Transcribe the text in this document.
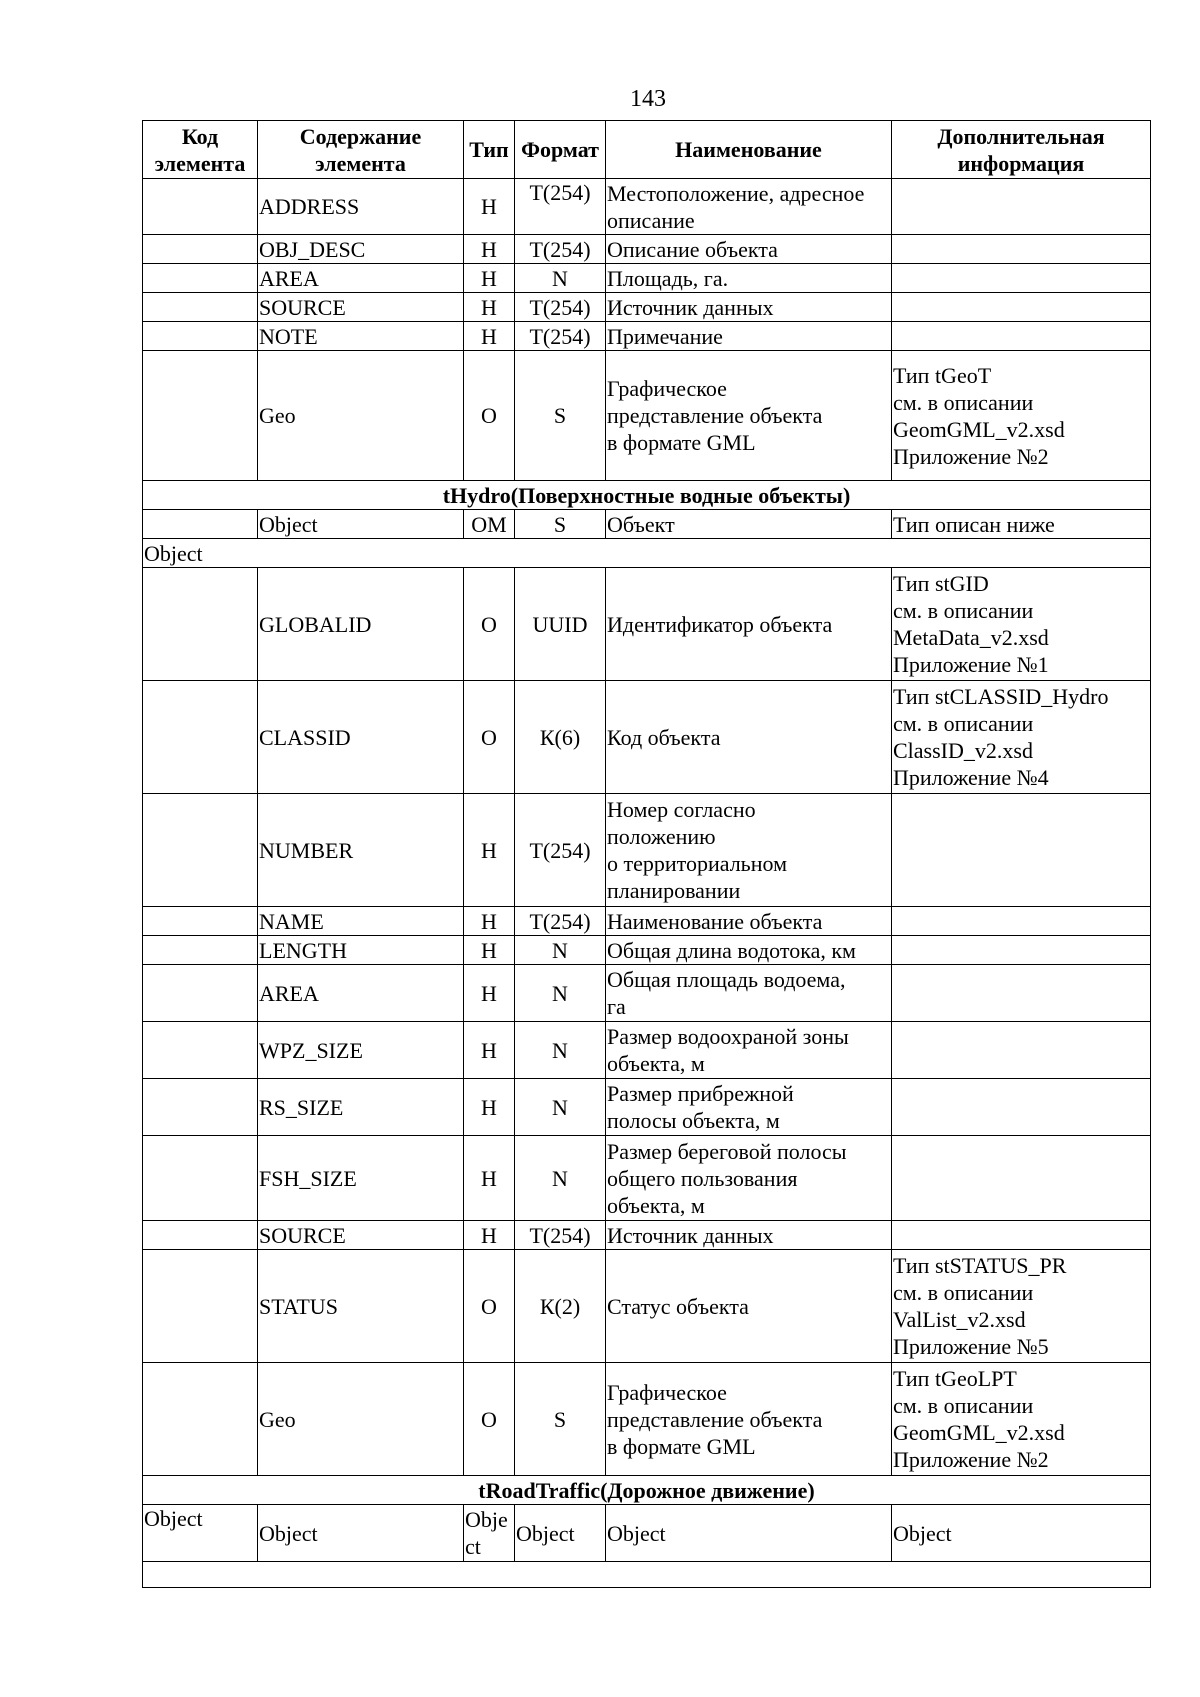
143
Код элемента	Содержание элемента	Тип	Формат	Наименование	Дополнительная информация
	ADDRESS	Н	Т(254)	Местоположение, адресное описание	
	OBJ_DESC	Н	Т(254)	Описание объекта	
	AREA	Н	N	Площадь, га.	
	SOURCE	Н	Т(254)	Источник данных	
	NOTE	Н	Т(254)	Примечание	
	Geo	О	S	Графическое
представление объекта
в формате GML	Тип tGeoT
см. в описании
GeomGML_v2.xsd
Приложение №2

tHydro(Поверхностные водные объекты)					
	Object	ОМ	S	Объект	Тип описан ниже
Object					
	GLOBALID	О	UUID	Идентификатор объекта	Тип stGID
см. в описании
MetaData_v2.xsd
Приложение №1

	CLASSID	О	К(6)	Код объекта	Тип stCLASSID_Hydro
см. в описании
ClassID_v2.xsd
Приложение №4

	NUMBER	Н	Т(254)	Номер согласно
положению
о территориальном
планировании	

	NAME	Н	Т(254)	Наименование объекта	
	LENGTH	Н	N	Общая длина водотока, км	
	AREA	Н	N	Общая площадь водоема,
га	

	WPZ_SIZE	Н	N	Размер водоохраной зоны
объекта, м	

	RS_SIZE	Н	N	Размер прибрежной
полосы объекта, м	

	FSH_SIZE	Н	N	Размер береговой полосы
общего пользования
объекта, м	

	SOURCE	Н	Т(254)	Источник данных	
	STATUS	О	К(2)	Статус объекта	Тип stSTATUS_PR
см. в описании
ValList_v2.xsd
Приложение №5

	Geo	О	S	Графическое
представление объекта
в формате GML	Тип tGeoLPT
см. в описании
GeomGML_v2.xsd
Приложение №2

tRoadTraffic(Дорожное движение)					
Object	Object	Obje ct	Object	Object	Object
